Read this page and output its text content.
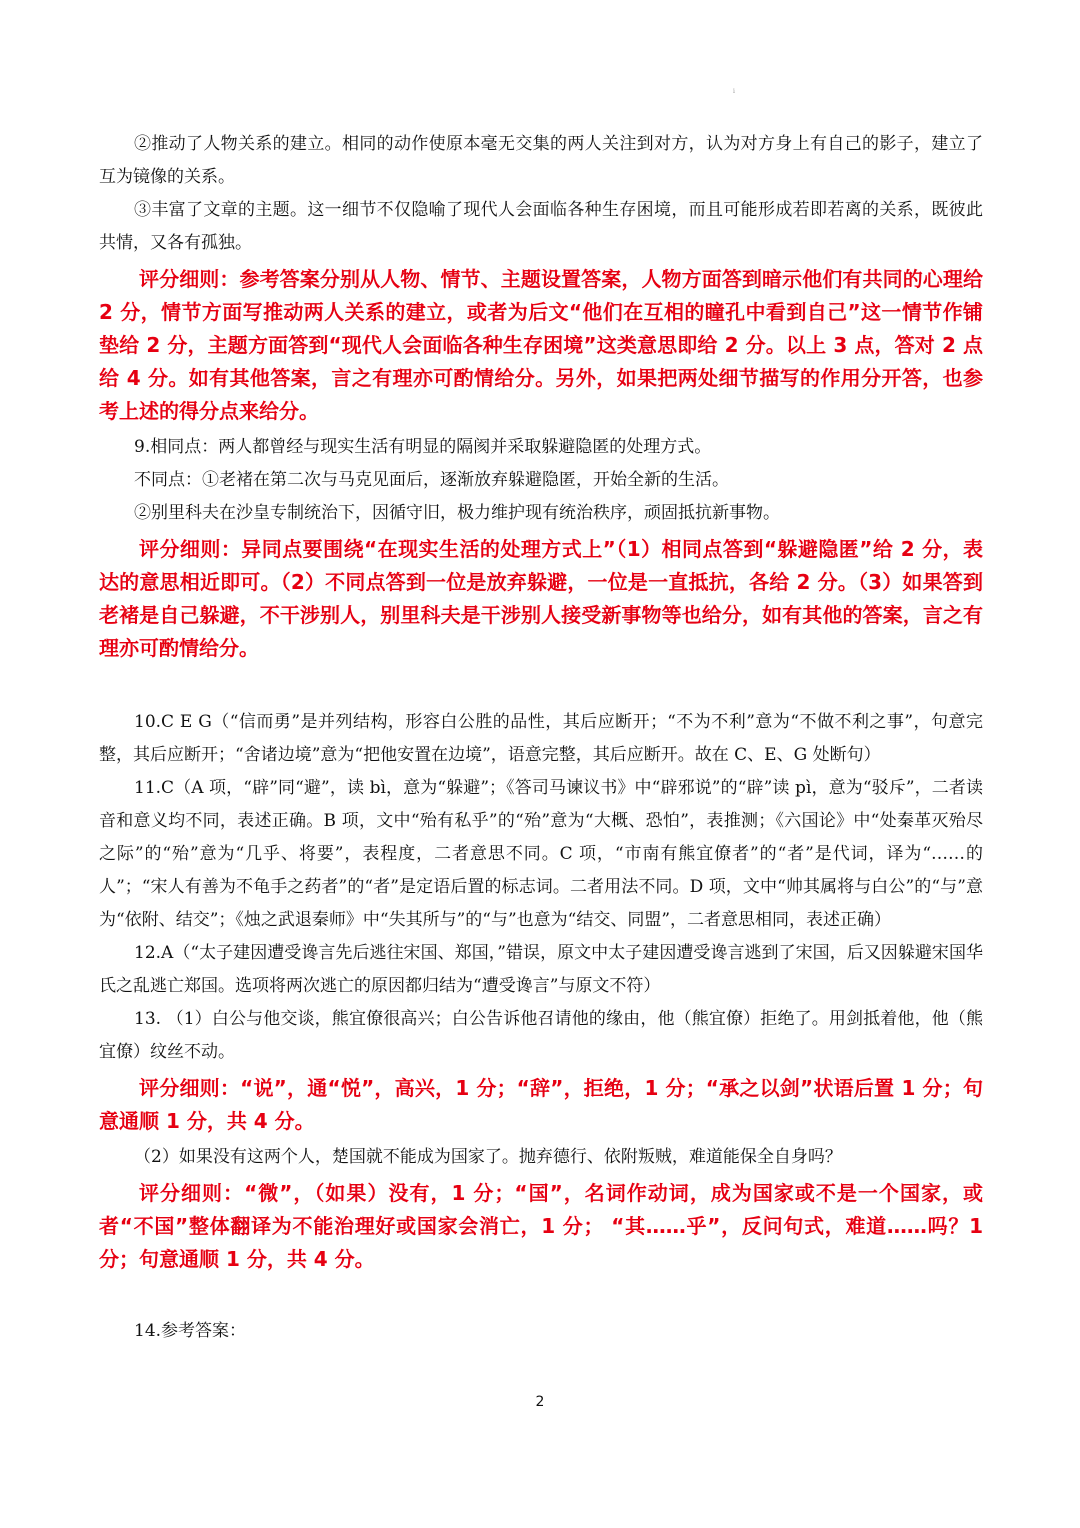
i

②推动了人物关系的建立。相同的动作使原本毫无交集的两人关注到对方，认为对方身上有自己的影子，建立了互为镜像的关系。

③丰富了文章的主题。这一细节不仅隐喻了现代人会面临各种生存困境，而且可能形成若即若离的关系，既彼此共情，又各有孤独。

评分细则：参考答案分别从人物、情节、主题设置答案，人物方面答到暗示他们有共同的心理给 2 分，情节方面写推动两人关系的建立，或者为后文“他们在互相的瞳孔中看到自己”这一情节作铺垫给 2 分，主题方面答到“现代人会面临各种生存困境”这类意思即给 2 分。以上 3 点，答对 2 点给 4 分。如有其他答案，言之有理亦可酌情给分。另外，如果把两处细节描写的作用分开答，也参考上述的得分点来给分。

9.相同点：两人都曾经与现实生活有明显的隔阂并采取躲避隐匿的处理方式。

不同点：①老褚在第二次与马克见面后，逐渐放弃躲避隐匿，开始全新的生活。

②别里科夫在沙皇专制统治下，因循守旧，极力维护现有统治秩序，顽固抵抗新事物。

评分细则：异同点要围绕“在现实生活的处理方式上”（1）相同点答到“躲避隐匿”给 2 分，表达的意思相近即可。（2）不同点答到一位是放弃躲避，一位是一直抵抗，各给 2 分。（3）如果答到老褚是自己躲避，不干涉别人，别里科夫是干涉别人接受新事物等也给分，如有其他的答案，言之有理亦可酌情给分。

10.C E G（“信而勇”是并列结构，形容白公胜的品性，其后应断开；“不为不利”意为“不做不利之事”，句意完整，其后应断开；“舍诸边境”意为“把他安置在边境”，语意完整，其后应断开。故在 C、E、G 处断句）

11.C（A 项，“辟”同“避”，读 bì，意为“躲避”；《答司马谏议书》中“辟邪说”的“辟”读 pì，意为“驳斥”，二者读音和意义均不同，表述正确。B 项，文中“殆有私乎”的“殆”意为“大概、恐怕”，表推测；《六国论》中“处秦革灭殆尽之际”的“殆”意为“几乎、将要”，表程度，二者意思不同。C 项，“市南有熊宜僚者”的“者”是代词，译为“……的人”；“宋人有善为不龟手之药者”的“者”是定语后置的标志词。二者用法不同。D 项，文中“帅其属将与白公”的“与”意为“依附、结交”；《烛之武退秦师》中“失其所与”的“与”也意为“结交、同盟”，二者意思相同，表述正确）

12.A（“太子建因遭受谗言先后逃往宋国、郑国，”错误，原文中太子建因遭受谗言逃到了宋国，后又因躲避宋国华氏之乱逃亡郑国。选项将两次逃亡的原因都归结为“遭受谗言”与原文不符）

13. （1）白公与他交谈，熊宜僚很高兴；白公告诉他召请他的缘由，他（熊宜僚）拒绝了。用剑抵着他，他（熊宜僚）纹丝不动。

评分细则：“说”，通“悦”，高兴，1 分；“辞”，拒绝，1 分；“承之以剑”状语后置 1 分；句意通顺 1 分，共 4 分。

（2）如果没有这两个人，楚国就不能成为国家了。抛弃德行、依附叛贼，难道能保全自身吗？

评分细则：“微”，（如果）没有，1 分；“国”，名词作动词，成为国家或不是一个国家，或者“不国”整体翻译为不能治理好或国家会消亡，1 分； “其……乎”，反问句式，难道……吗？1 分；句意通顺 1 分，共 4 分。

14.参考答案：

2
